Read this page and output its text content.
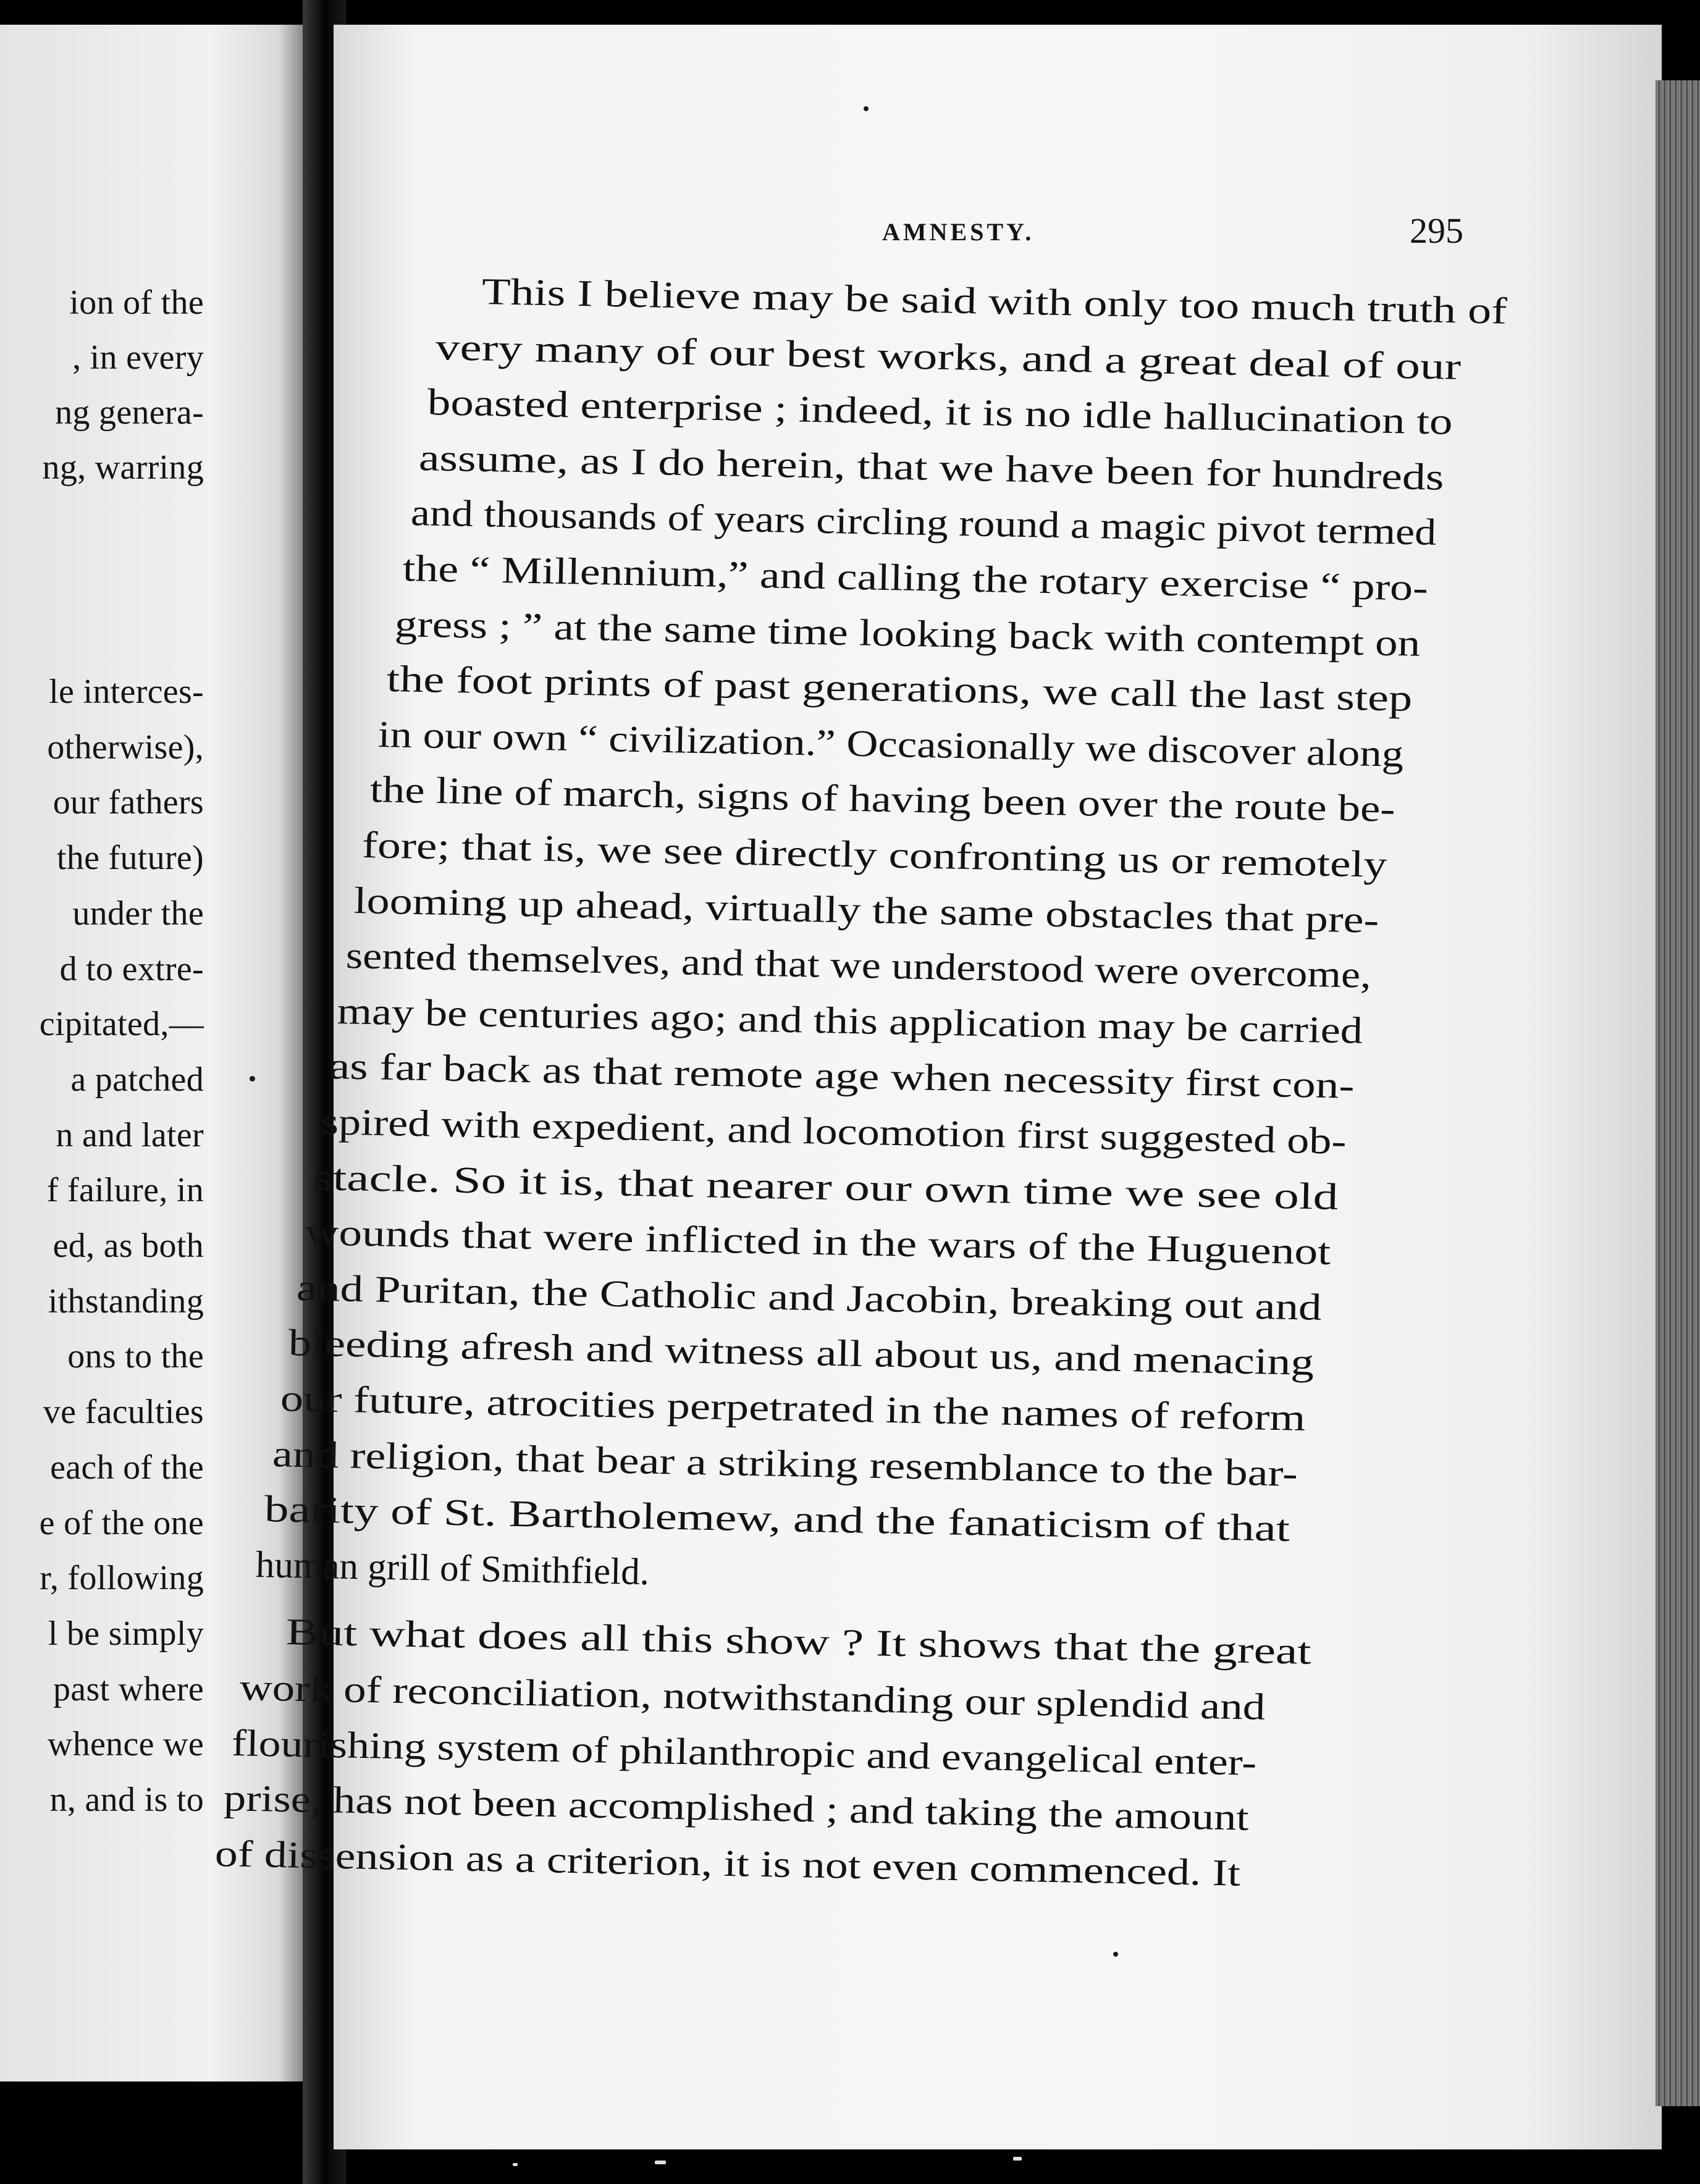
ion of the
, in every
ng genera-
ng, warring
le interces-
otherwise),
our fathers
the future)
under the
d to extre-
cipitated,—
a patched
n and later
f failure, in
ed, as both
ithstanding
ons to the
ve faculties
each of the
e of the one
r, following
l be simply
past where
whence we
n, and is to
AMNESTY.	295
This I believe may be said with only too much truth of
very many of our best works, and a great deal of our
boasted enterprise ; indeed, it is no idle hallucination to
assume, as I do herein, that we have been for hundreds
and thousands of years circling round a magic pivot termed
the “ Millennium,” and calling the rotary exercise “ pro-
gress ; ” at the same time looking back with contempt on
the foot prints of past generations, we call the last step
in our own “ civilization.” Occasionally we discover along
the line of march, signs of having been over the route be-
fore; that is, we see directly confronting us or remotely
looming up ahead, virtually the same obstacles that pre-
sented themselves, and that we understood were overcome,
may be centuries ago; and this application may be carried
as far back as that remote age when necessity first con-
spired with expedient, and locomotion first suggested ob-
stacle. So it is, that nearer our own time we see old
wounds that were inflicted in the wars of the Huguenot
and Puritan, the Catholic and Jacobin, breaking out and
bleeding afresh and witness all about us, and menacing
our future, atrocities perpetrated in the names of reform
and religion, that bear a striking resemblance to the bar-
barity of St. Bartholemew, and the fanaticism of that
human grill of Smithfield.
But what does all this show ? It shows that the great
work of reconciliation, notwithstanding our splendid and
flourishing system of philanthropic and evangelical enter-
prise, has not been accomplished ; and taking the amount
of dissension as a criterion, it is not even commenced. It
